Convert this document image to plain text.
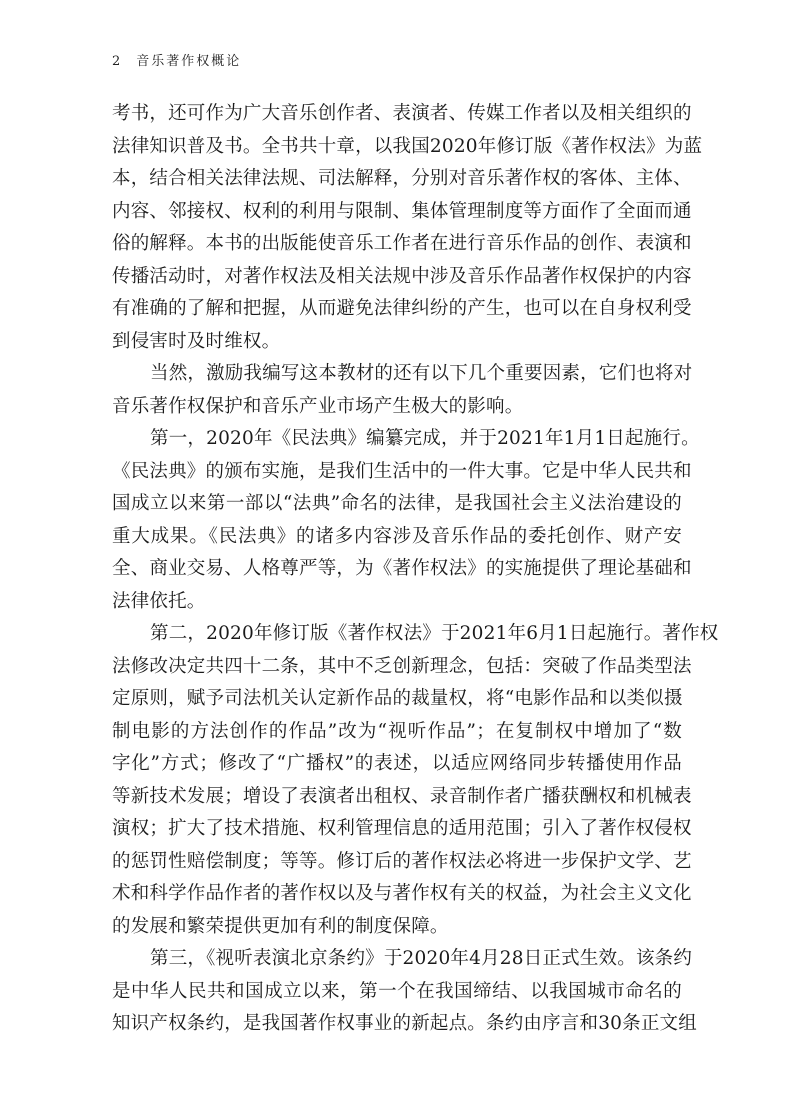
2 音乐著作权概论
考书，还可作为广大音乐创作者、表演者、传媒工作者以及相关组织的
法律知识普及书。全书共十章，以我国2020年修订版《著作权法》为蓝
本，结合相关法律法规、司法解释，分别对音乐著作权的客体、主体、
内容、邻接权、权利的利用与限制、集体管理制度等方面作了全面而通
俗的解释。本书的出版能使音乐工作者在进行音乐作品的创作、表演和
传播活动时，对著作权法及相关法规中涉及音乐作品著作权保护的内容
有准确的了解和把握，从而避免法律纠纷的产生，也可以在自身权利受
到侵害时及时维权。
当然，激励我编写这本教材的还有以下几个重要因素，它们也将对
音乐著作权保护和音乐产业市场产生极大的影响。
第一，2020年《民法典》编纂完成，并于2021年1月1日起施行。
《民法典》的颁布实施，是我们生活中的一件大事。它是中华人民共和
国成立以来第一部以“法典”命名的法律，是我国社会主义法治建设的
重大成果。《民法典》的诸多内容涉及音乐作品的委托创作、财产安
全、商业交易、人格尊严等，为《著作权法》的实施提供了理论基础和
法律依托。
第二，2020年修订版《著作权法》于2021年6月1日起施行。著作权
法修改决定共四十二条，其中不乏创新理念，包括：突破了作品类型法
定原则，赋予司法机关认定新作品的裁量权，将“电影作品和以类似摄
制电影的方法创作的作品”改为“视听作品”；在复制权中增加了“数
字化”方式；修改了“广播权”的表述，以适应网络同步转播使用作品
等新技术发展；增设了表演者出租权、录音制作者广播获酬权和机械表
演权；扩大了技术措施、权利管理信息的适用范围；引入了著作权侵权
的惩罚性赔偿制度；等等。修订后的著作权法必将进一步保护文学、艺
术和科学作品作者的著作权以及与著作权有关的权益，为社会主义文化
的发展和繁荣提供更加有利的制度保障。
第三，《视听表演北京条约》于2020年4月28日正式生效。该条约
是中华人民共和国成立以来，第一个在我国缔结、以我国城市命名的
知识产权条约，是我国著作权事业的新起点。条约由序言和30条正文组
